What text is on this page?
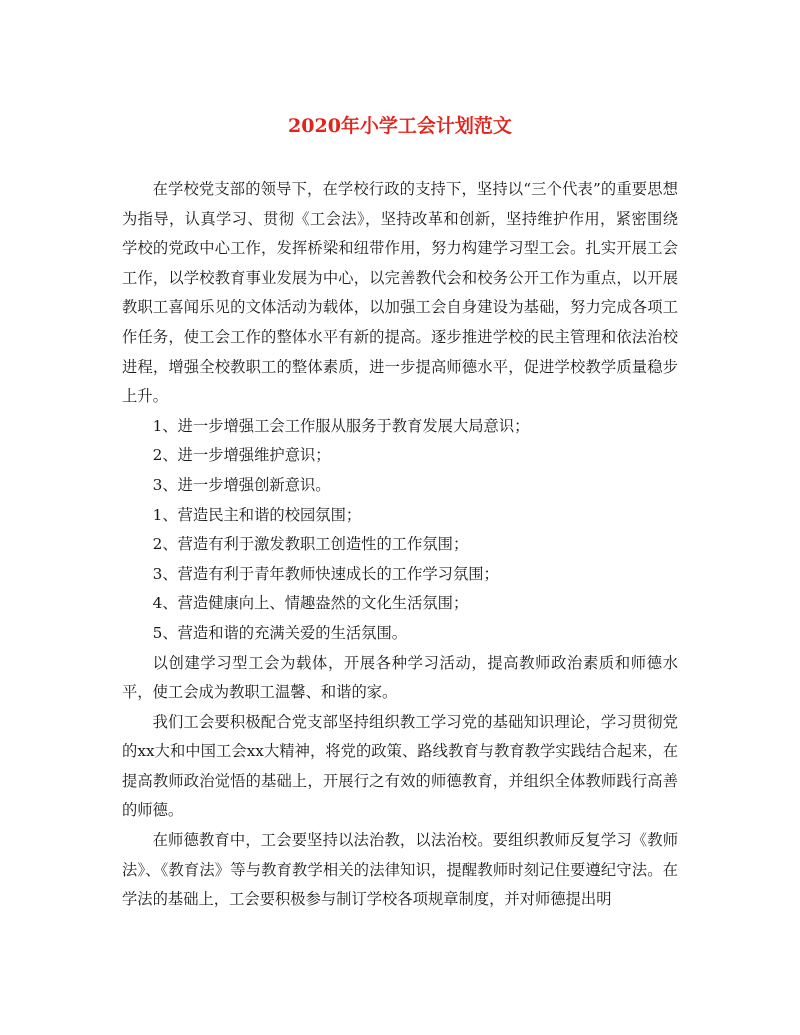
2020年小学工会计划范文

在学校党支部的领导下，在学校行政的支持下，坚持以“三个代表”的重要思想为指导，认真学习、贯彻《工会法》，坚持改革和创新，坚持维护作用，紧密围绕学校的党政中心工作，发挥桥梁和纽带作用，努力构建学习型工会。扎实开展工会工作，以学校教育事业发展为中心，以完善教代会和校务公开工作为重点，以开展教职工喜闻乐见的文体活动为载体，以加强工会自身建设为基础，努力完成各项工作任务，使工会工作的整体水平有新的提高。逐步推进学校的民主管理和依法治校进程，增强全校教职工的整体素质，进一步提高师德水平，促进学校教学质量稳步上升。

1、进一步增强工会工作服从服务于教育发展大局意识；

2、进一步增强维护意识；

3、进一步增强创新意识。

1、营造民主和谐的校园氛围；

2、营造有利于激发教职工创造性的工作氛围；

3、营造有利于青年教师快速成长的工作学习氛围；

4、营造健康向上、情趣盎然的文化生活氛围；

5、营造和谐的充满关爱的生活氛围。

以创建学习型工会为载体，开展各种学习活动，提高教师政治素质和师德水平，使工会成为教职工温馨、和谐的家。

我们工会要积极配合党支部坚持组织教工学习党的基础知识理论，学习贯彻党的xx大和中国工会xx大精神，将党的政策、路线教育与教育教学实践结合起来，在提高教师政治觉悟的基础上，开展行之有效的师德教育，并组织全体教师践行高善的师德。

在师德教育中，工会要坚持以法治教，以法治校。要组织教师反复学习《教师法》、《教育法》等与教育教学相关的法律知识，提醒教师时刻记住要遵纪守法。在学法的基础上，工会要积极参与制订学校各项规章制度，并对师德提出明
